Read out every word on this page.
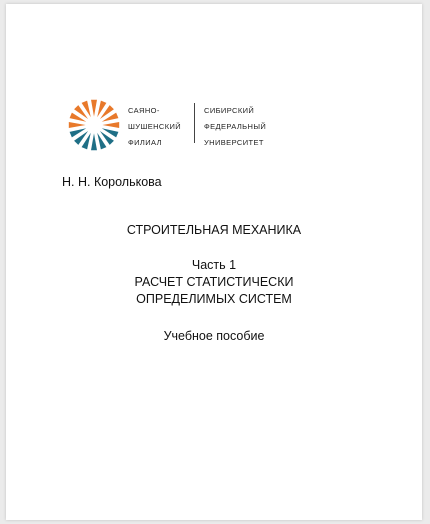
САЯНО-
ШУШЕНСКИЙ
ФИЛИАЛ
СИБИРСКИЙ
ФЕДЕРАЛЬНЫЙ
УНИВЕРСИТЕТ
Н. Н. Королькова
СТРОИТЕЛЬНАЯ МЕХАНИКА
Часть 1
РАСЧЕТ СТАТИСТИЧЕСКИ
ОПРЕДЕЛИМЫХ СИСТЕМ
Учебное пособие
